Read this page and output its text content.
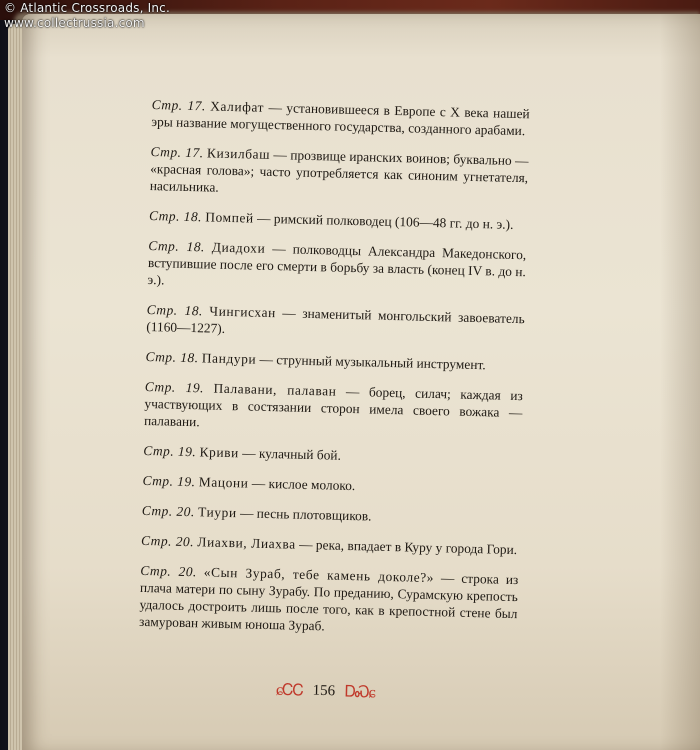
© Atlantic Crossroads, Inc.
www.collectrussia.com

Стр. 17. Халифат — установившееся в Европе с X века нашей эры название могущественного государства, созданного арабами.

Стр. 17. Кизилбаш — прозвище иранских воинов; буквально — «красная голова»; часто употребляется как синоним угнетателя, насильника.

Стр. 18. Помпей — римский полководец (106—48 гг. до н. э.).

Стр. 18. Диадохи — полководцы Александра Македонского, вступившие после его смерти в борьбу за власть (конец IV в. до н. э.).

Стр. 18. Чингисхан — знаменитый монгольский завоеватель (1160—1227).

Стр. 18. Пандури — струнный музыкальный инструмент.

Стр. 19. Палавани, палаван — борец, силач; каждая из участвующих в состязании сторон имела своего вожака — палавани.

Стр. 19. Криви — кулачный бой.

Стр. 19. Мацони — кислое молоко.

Стр. 20. Тиури — песнь плотовщиков.

Стр. 20. Лиахви, Лиахва — река, впадает в Куру у города Гори.

Стр. 20. «Сын Зураб, тебе камень доколе?» — строка из плача матери по сыну Зурабу. По преданию, Сурамскую крепость удалось достроить лишь после того, как в крепостной стене был замурован живым юноша Зураб.

ɕᏟᏟ 156 ᎠᏍɕ
